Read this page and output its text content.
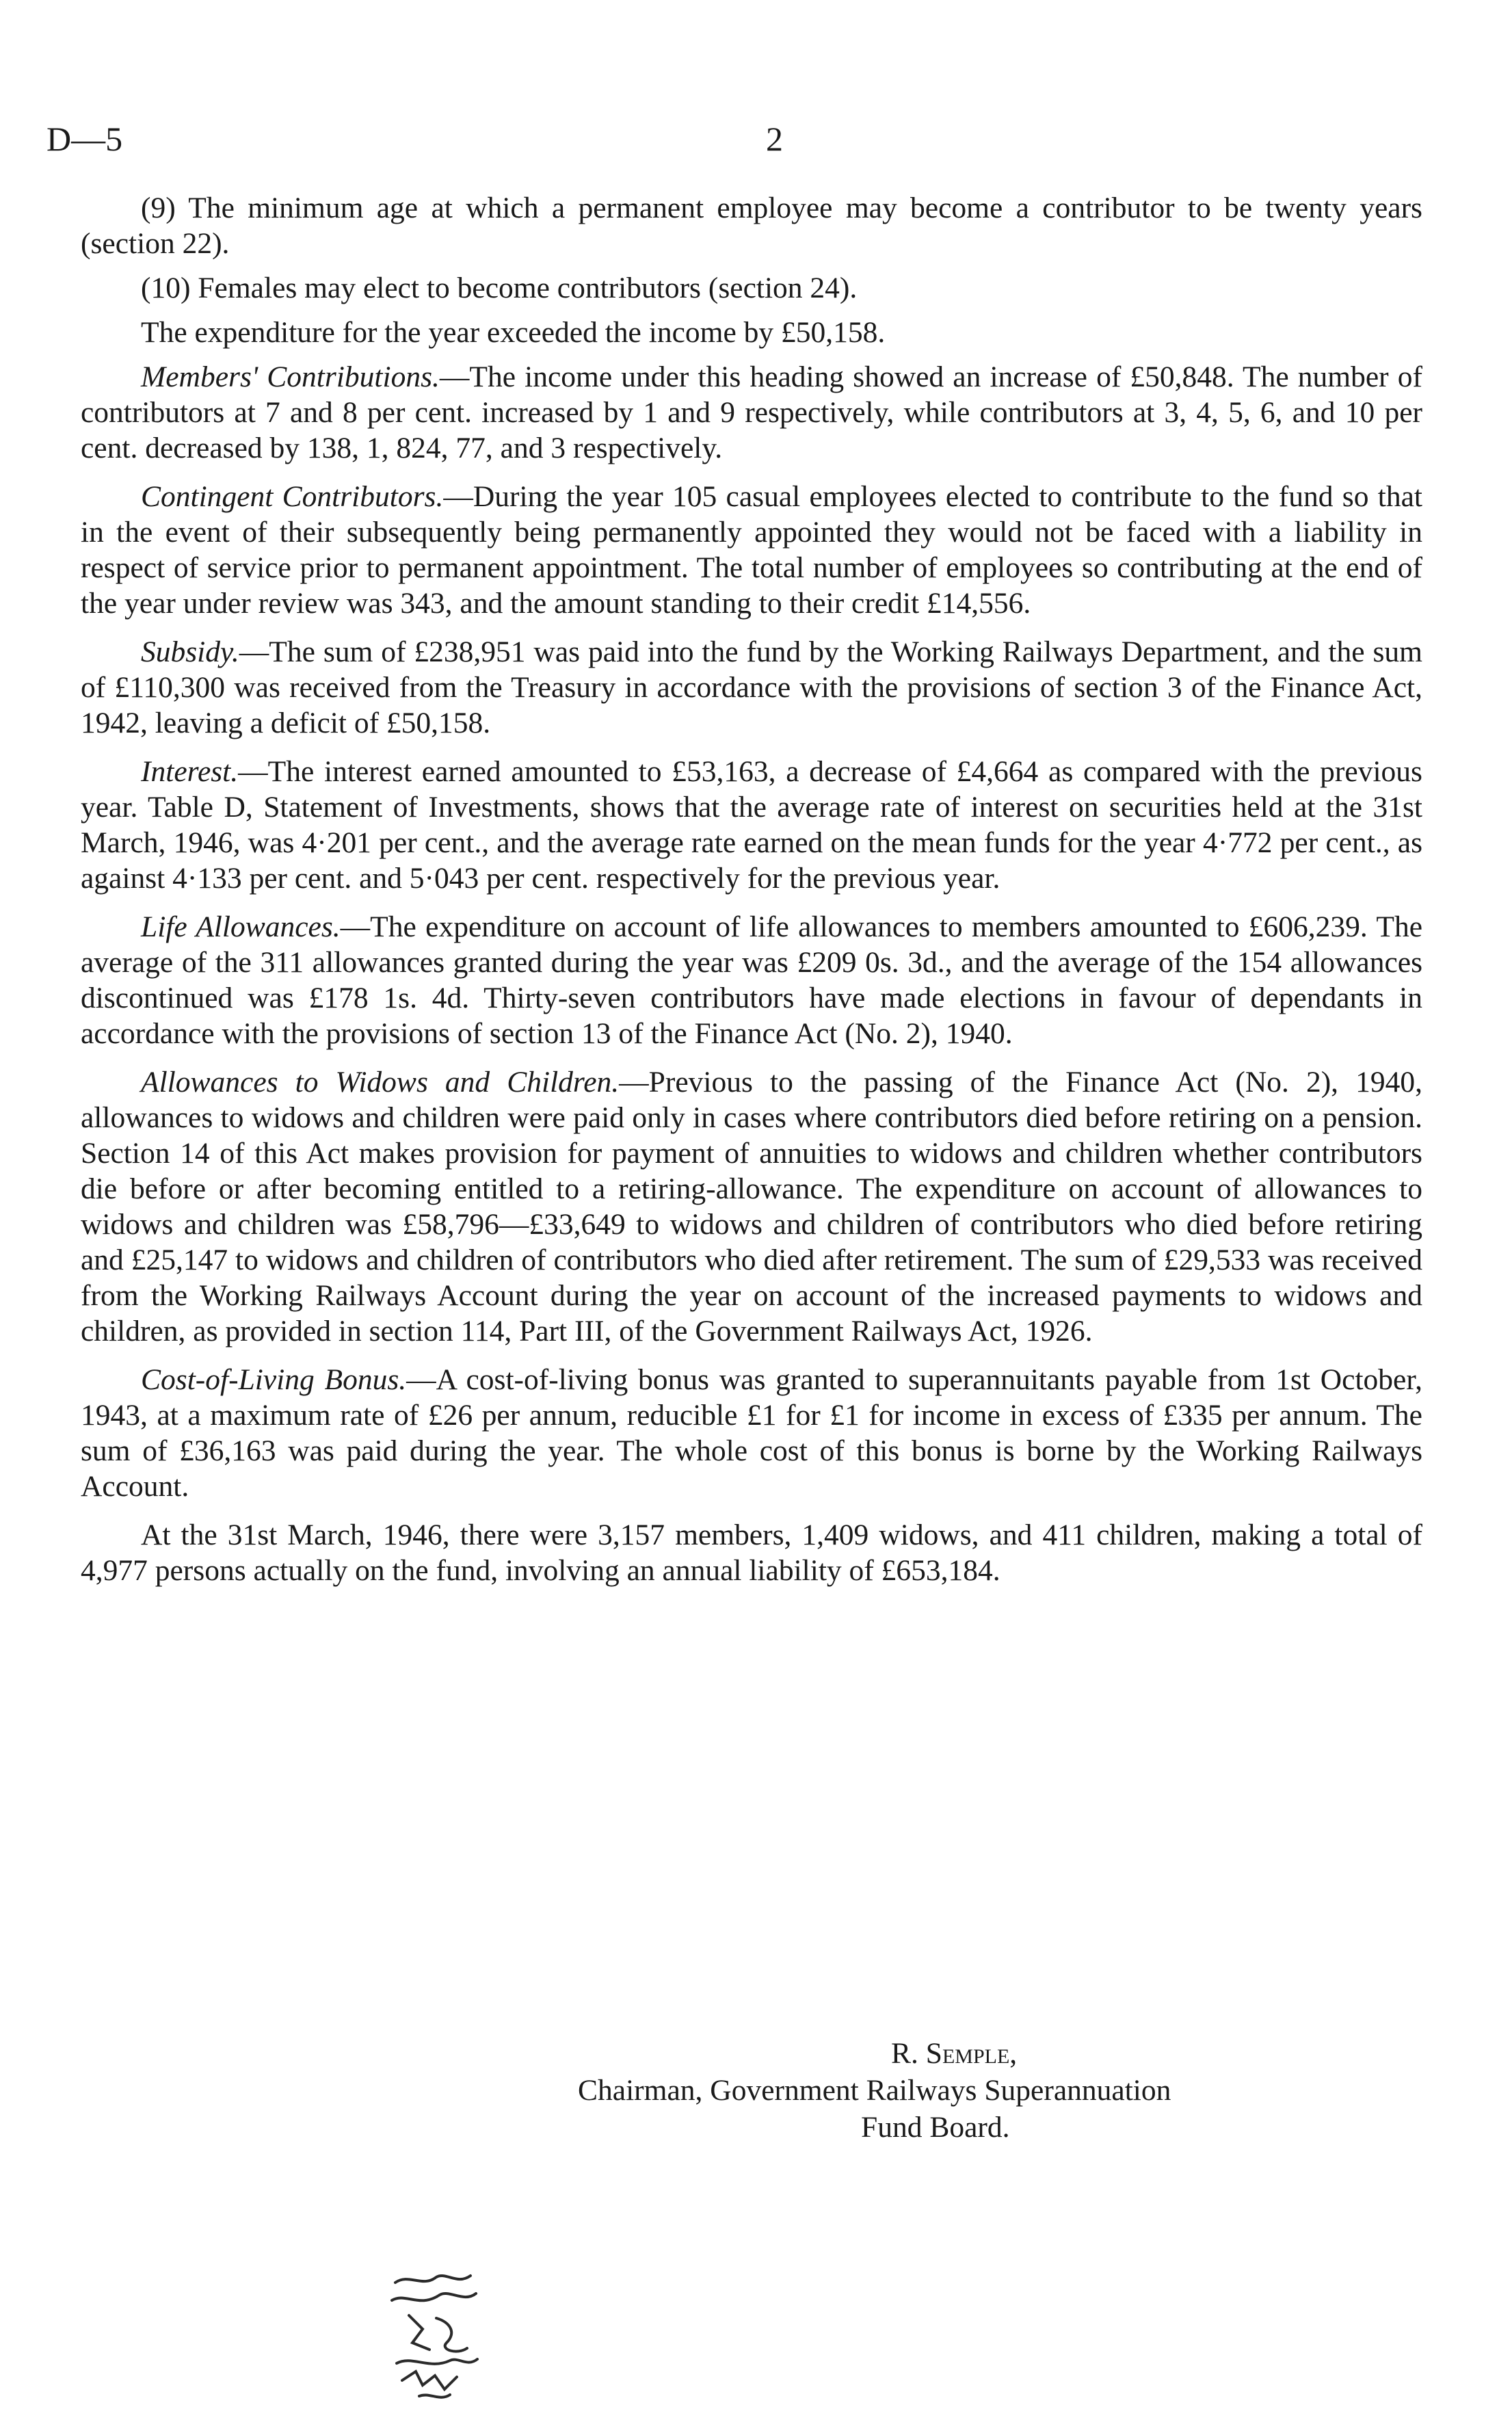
D—5	2

(9) The minimum age at which a permanent employee may become a contributor to be twenty years (section 22).

(10) Females may elect to become contributors (section 24).

The expenditure for the year exceeded the income by £50,158.

Members' Contributions.—The income under this heading showed an increase of £50,848. The number of contributors at 7 and 8 per cent. increased by 1 and 9 respectively, while contributors at 3, 4, 5, 6, and 10 per cent. decreased by 138, 1, 824, 77, and 3 respectively.

Contingent Contributors.—During the year 105 casual employees elected to contribute to the fund so that in the event of their subsequently being permanently appointed they would not be faced with a liability in respect of service prior to permanent appointment. The total number of employees so contributing at the end of the year under review was 343, and the amount standing to their credit £14,556.

Subsidy.—The sum of £238,951 was paid into the fund by the Working Railways Department, and the sum of £110,300 was received from the Treasury in accordance with the provisions of section 3 of the Finance Act, 1942, leaving a deficit of £50,158.

Interest.—The interest earned amounted to £53,163, a decrease of £4,664 as compared with the previous year. Table D, Statement of Investments, shows that the average rate of interest on securities held at the 31st March, 1946, was 4·201 per cent., and the average rate earned on the mean funds for the year 4·772 per cent., as against 4·133 per cent. and 5·043 per cent. respectively for the previous year.

Life Allowances.—The expenditure on account of life allowances to members amounted to £606,239. The average of the 311 allowances granted during the year was £209 0s. 3d., and the average of the 154 allowances discontinued was £178 1s. 4d. Thirty-seven contributors have made elections in favour of dependants in accordance with the provisions of section 13 of the Finance Act (No. 2), 1940.

Allowances to Widows and Children.—Previous to the passing of the Finance Act (No. 2), 1940, allowances to widows and children were paid only in cases where contributors died before retiring on a pension. Section 14 of this Act makes provision for payment of annuities to widows and children whether contributors die before or after becoming entitled to a retiring-allowance. The expenditure on account of allowances to widows and children was £58,796—£33,649 to widows and children of contributors who died before retiring and £25,147 to widows and children of contributors who died after retirement. The sum of £29,533 was received from the Working Railways Account during the year on account of the increased payments to widows and children, as provided in section 114, Part III, of the Government Railways Act, 1926.

Cost-of-Living Bonus.—A cost-of-living bonus was granted to superannuitants payable from 1st October, 1943, at a maximum rate of £26 per annum, reducible £1 for £1 for income in excess of £335 per annum. The sum of £36,163 was paid during the year. The whole cost of this bonus is borne by the Working Railways Account.

At the 31st March, 1946, there were 3,157 members, 1,409 widows, and 411 children, making a total of 4,977 persons actually on the fund, involving an annual liability of £653,184.

R. Semple,
Chairman, Government Railways Superannuation
Fund Board.
